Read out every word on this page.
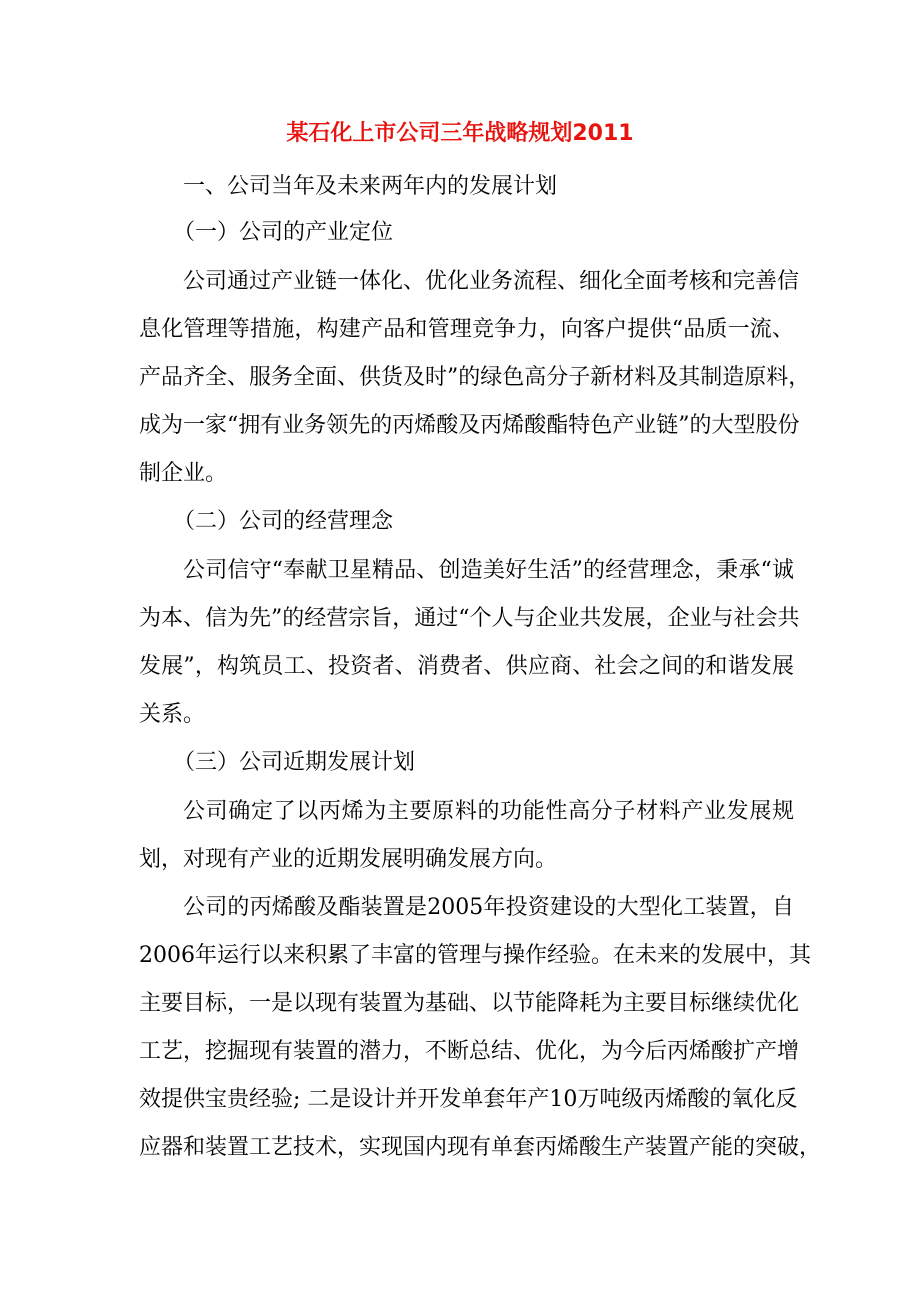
某石化上市公司三年战略规划2011
一、公司当年及未来两年内的发展计划
（一）公司的产业定位
公司通过产业链一体化、优化业务流程、细化全面考核和完善信
息化管理等措施，构建产品和管理竞争力，向客户提供“品质一流、
产品齐全、服务全面、供货及时”的绿色高分子新材料及其制造原料，
成为一家“拥有业务领先的丙烯酸及丙烯酸酯特色产业链”的大型股份
制企业。
（二）公司的经营理念
公司信守“奉献卫星精品、创造美好生活”的经营理念，秉承“诚
为本、信为先”的经营宗旨，通过“个人与企业共发展，企业与社会共
发展”，构筑员工、投资者、消费者、供应商、社会之间的和谐发展
关系。
（三）公司近期发展计划
公司确定了以丙烯为主要原料的功能性高分子材料产业发展规
划，对现有产业的近期发展明确发展方向。
公司的丙烯酸及酯装置是2005年投资建设的大型化工装置，自
2006年运行以来积累了丰富的管理与操作经验。在未来的发展中，其
主要目标，一是以现有装置为基础、以节能降耗为主要目标继续优化
工艺，挖掘现有装置的潜力，不断总结、优化，为今后丙烯酸扩产增
效提供宝贵经验; 二是设计并开发单套年产10万吨级丙烯酸的氧化反
应器和装置工艺技术，实现国内现有单套丙烯酸生产装置产能的突破，
